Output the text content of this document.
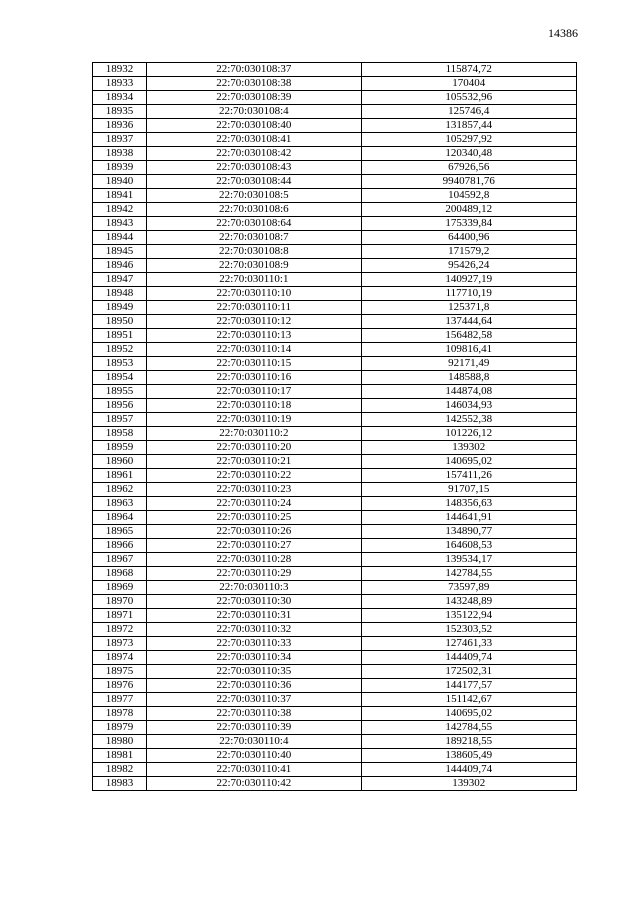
14386
18932	22:70:030108:37	115874,72
18933	22:70:030108:38	170404
18934	22:70:030108:39	105532,96
18935	22:70:030108:4	125746,4
18936	22:70:030108:40	131857,44
18937	22:70:030108:41	105297,92
18938	22:70:030108:42	120340,48
18939	22:70:030108:43	67926,56
18940	22:70:030108:44	9940781,76
18941	22:70:030108:5	104592,8
18942	22:70:030108:6	200489,12
18943	22:70:030108:64	175339,84
18944	22:70:030108:7	64400,96
18945	22:70:030108:8	171579,2
18946	22:70:030108:9	95426,24
18947	22:70:030110:1	140927,19
18948	22:70:030110:10	117710,19
18949	22:70:030110:11	125371,8
18950	22:70:030110:12	137444,64
18951	22:70:030110:13	156482,58
18952	22:70:030110:14	109816,41
18953	22:70:030110:15	92171,49
18954	22:70:030110:16	148588,8
18955	22:70:030110:17	144874,08
18956	22:70:030110:18	146034,93
18957	22:70:030110:19	142552,38
18958	22:70:030110:2	101226,12
18959	22:70:030110:20	139302
18960	22:70:030110:21	140695,02
18961	22:70:030110:22	157411,26
18962	22:70:030110:23	91707,15
18963	22:70:030110:24	148356,63
18964	22:70:030110:25	144641,91
18965	22:70:030110:26	134890,77
18966	22:70:030110:27	164608,53
18967	22:70:030110:28	139534,17
18968	22:70:030110:29	142784,55
18969	22:70:030110:3	73597,89
18970	22:70:030110:30	143248,89
18971	22:70:030110:31	135122,94
18972	22:70:030110:32	152303,52
18973	22:70:030110:33	127461,33
18974	22:70:030110:34	144409,74
18975	22:70:030110:35	172502,31
18976	22:70:030110:36	144177,57
18977	22:70:030110:37	151142,67
18978	22:70:030110:38	140695,02
18979	22:70:030110:39	142784,55
18980	22:70:030110:4	189218,55
18981	22:70:030110:40	138605,49
18982	22:70:030110:41	144409,74
18983	22:70:030110:42	139302
